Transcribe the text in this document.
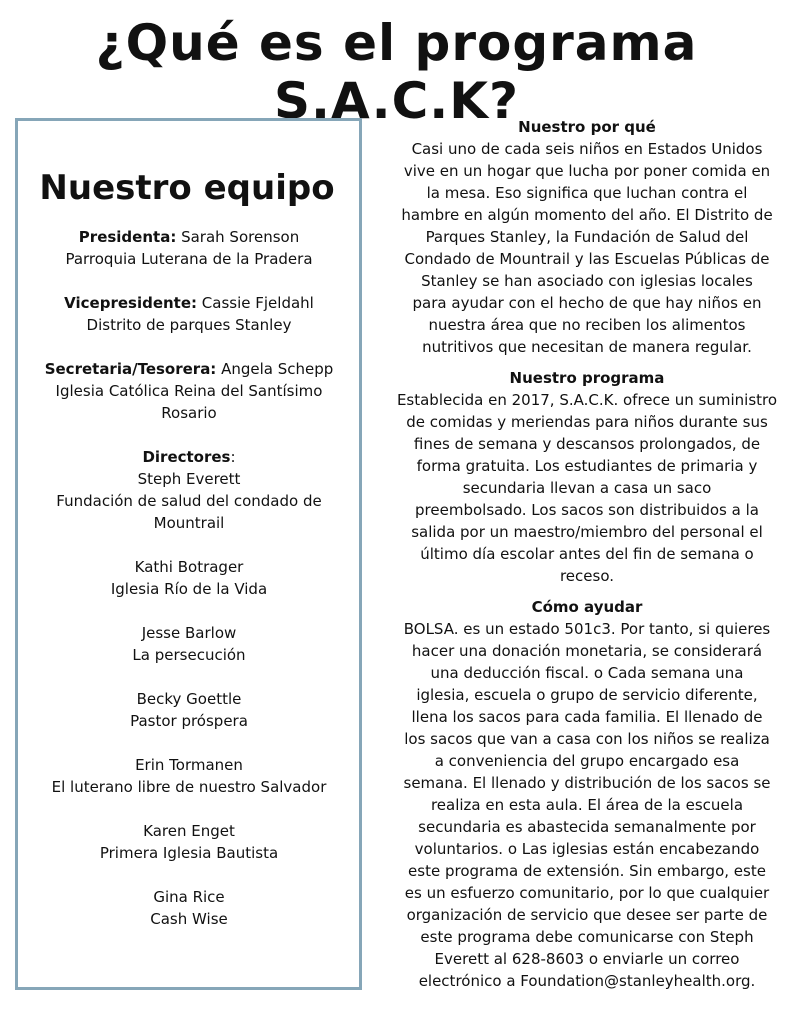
¿Qué es el programa S.A.C.K?
Nuestro equipo
Presidenta: Sarah Sorenson
Parroquia Luterana de la Pradera
Vicepresidente: Cassie Fjeldahl
Distrito de parques Stanley
Secretaria/Tesorera: Angela Schepp
Iglesia Católica Reina del Santísimo
Rosario
Directores:
Steph Everett
Fundación de salud del condado de
Mountrail
Kathi Botrager
Iglesia Río de la Vida
Jesse Barlow
La persecución
Becky Goettle
Pastor próspera
Erin Tormanen
El luterano libre de nuestro Salvador
Karen Enget
Primera Iglesia Bautista
Gina Rice
Cash Wise
Nuestro por qué
Casi uno de cada seis niños en Estados Unidos
vive en un hogar que lucha por poner comida en
la mesa. Eso significa que luchan contra el
hambre en algún momento del año. El Distrito de
Parques Stanley, la Fundación de Salud del
Condado de Mountrail y las Escuelas Públicas de
Stanley se han asociado con iglesias locales
para ayudar con el hecho de que hay niños en
nuestra área que no reciben los alimentos
nutritivos que necesitan de manera regular.
Nuestro programa
Establecida en 2017, S.A.C.K. ofrece un suministro
de comidas y meriendas para niños durante sus
fines de semana y descansos prolongados, de
forma gratuita. Los estudiantes de primaria y
secundaria llevan a casa un saco
preembolsado. Los sacos son distribuidos a la
salida por un maestro/miembro del personal el
último día escolar antes del fin de semana o
receso.
Cómo ayudar
BOLSA. es un estado 501c3. Por tanto, si quieres
hacer una donación monetaria, se considerará
una deducción fiscal. o Cada semana una
iglesia, escuela o grupo de servicio diferente,
llena los sacos para cada familia. El llenado de
los sacos que van a casa con los niños se realiza
a conveniencia del grupo encargado esa
semana. El llenado y distribución de los sacos se
realiza en esta aula. El área de la escuela
secundaria es abastecida semanalmente por
voluntarios. o Las iglesias están encabezando
este programa de extensión. Sin embargo, este
es un esfuerzo comunitario, por lo que cualquier
organización de servicio que desee ser parte de
este programa debe comunicarse con Steph
Everett al 628-8603 o enviarle un correo
electrónico a Foundation@stanleyhealth.org.
